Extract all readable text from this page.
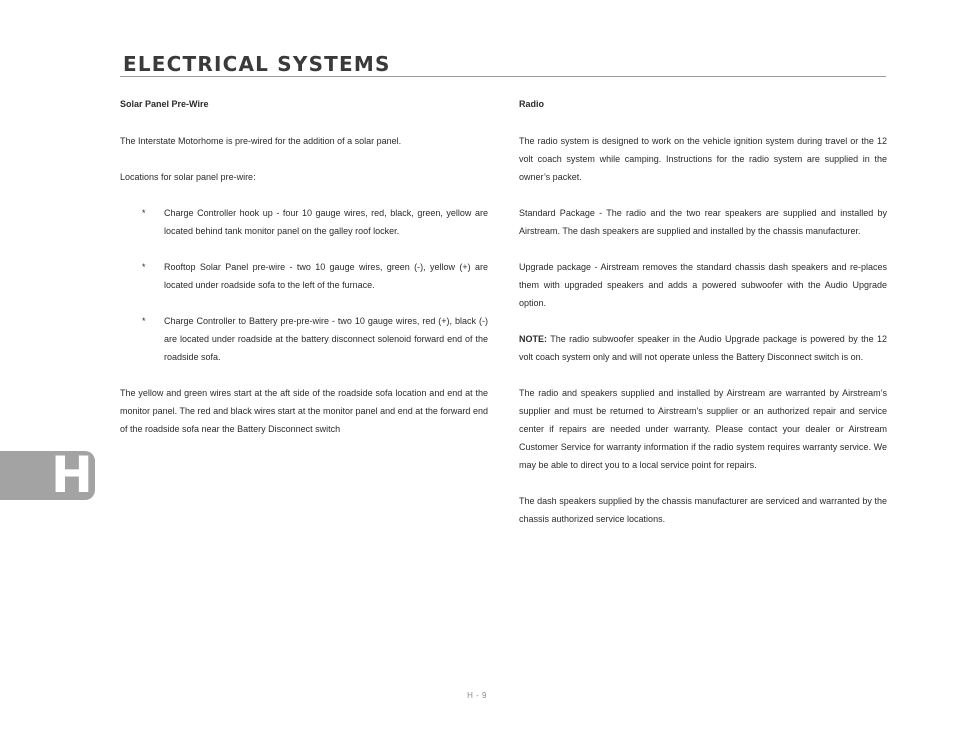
ELECTRICAL SYSTEMS
Solar Panel Pre-Wire

The Interstate Motorhome is pre-wired for the addition of a solar panel.

Locations for solar panel pre-wire:

* Charge Controller hook up - four 10 gauge wires, red, black, green, yellow are located behind tank monitor panel on the galley roof locker.
* Rooftop Solar Panel pre-wire - two 10 gauge wires, green (-), yellow (+) are located under roadside sofa to the left of the furnace.
* Charge Controller to Battery pre-pre-wire - two 10 gauge wires, red (+), black (-) are located under roadside at the battery disconnect solenoid forward end of the roadside sofa.

The yellow and green wires start at the aft side of the roadside sofa location and end at the monitor panel. The red and black wires start at the monitor panel and end at the forward end of the roadside sofa near the Battery Disconnect switch

Radio

The radio system is designed to work on the vehicle ignition system during travel or the 12 volt coach system while camping. Instructions for the radio system are supplied in the owner’s packet.

Standard Package - The radio and the two rear speakers are supplied and installed by Airstream. The dash speakers are supplied and installed by the chassis manufacturer.

Upgrade package - Airstream removes the standard chassis dash speakers and re-places them with upgraded speakers and adds a powered subwoofer with the Audio Upgrade option.

NOTE: The radio subwoofer speaker in the Audio Upgrade package is powered by the 12 volt coach system only and will not operate unless the Battery Disconnect switch is on.

The radio and speakers supplied and installed by Airstream are warranted by Airstream’s supplier and must be returned to Airstream’s supplier or an authorized repair and service center if repairs are needed under warranty. Please contact your dealer or Airstream Customer Service for warranty information if the radio system requires warranty service. We may be able to direct you to a local service point for repairs.

The dash speakers supplied by the chassis manufacturer are serviced and warranted by the chassis authorized service locations.

H
H - 9
